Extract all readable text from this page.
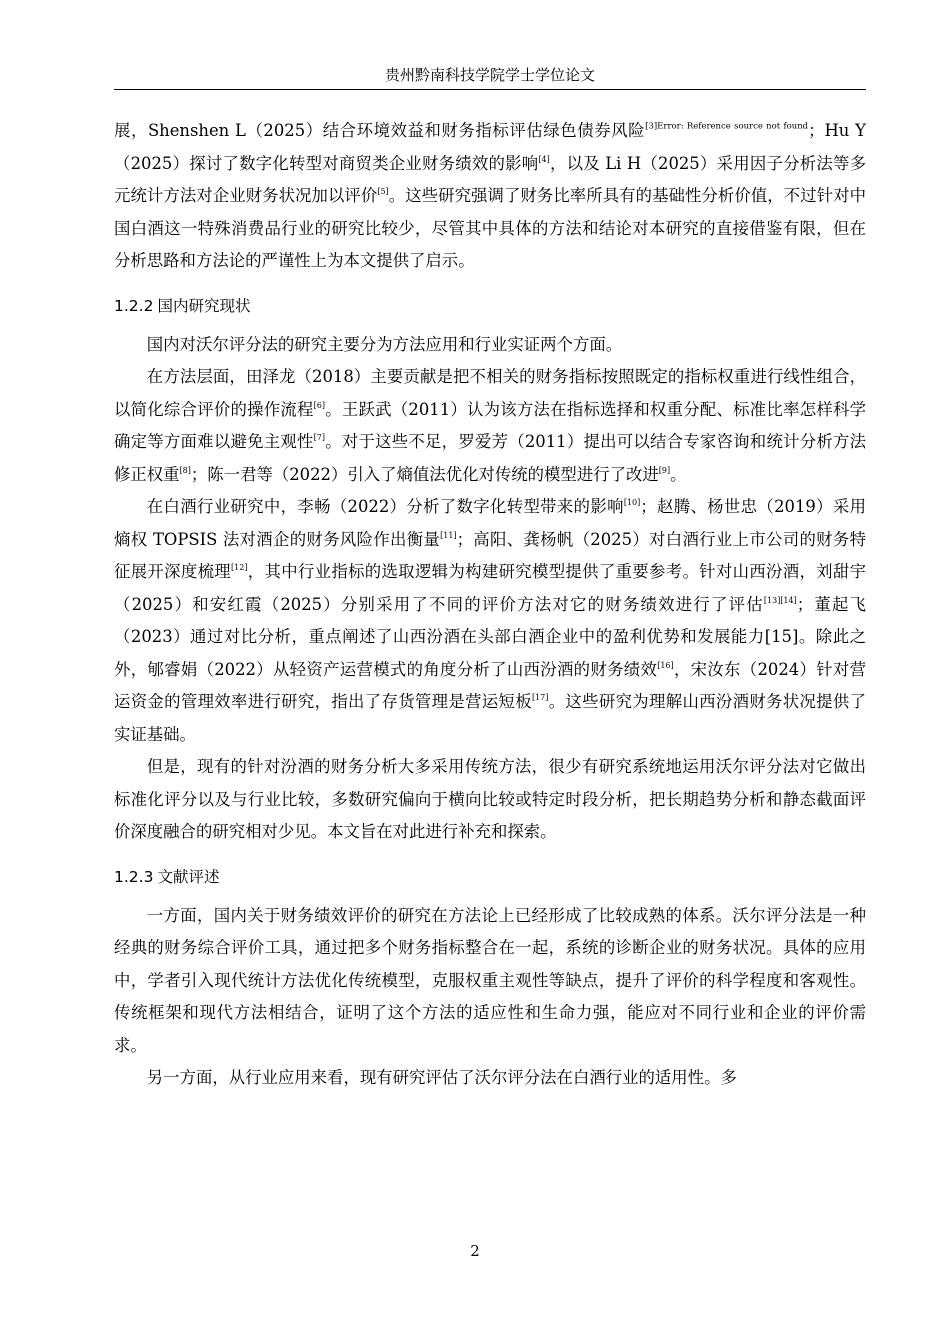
贵州黔南科技学院学士学位论文

展，Shenshen L（2025）结合环境效益和财务指标评估绿色债券风险$^{[3]Error: Reference source not found}$；Hu Y（2025）探讨了数字化转型对商贸类企业财务绩效的影响[4]，以及 Li H（2025）采用因子分析法等多元统计方法对企业财务状况加以评价[5]。这些研究强调了财务比率所具有的基础性分析价值，不过针对中国白酒这一特殊消费品行业的研究比较少，尽管其中具体的方法和结论对本研究的直接借鉴有限，但在分析思路和方法论的严谨性上为本文提供了启示。

1.2.2 国内研究现状

国内对沃尔评分法的研究主要分为方法应用和行业实证两个方面。

在方法层面，田泽龙（2018）主要贡献是把不相关的财务指标按照既定的指标权重进行线性组合，以简化综合评价的操作流程[6]。王跃武（2011）认为该方法在指标选择和权重分配、标准比率怎样科学确定等方面难以避免主观性[7]。对于这些不足，罗爱芳（2011）提出可以结合专家咨询和统计分析方法修正权重[8]；陈一君等（2022）引入了熵值法优化对传统的模型进行了改进[9]。

在白酒行业研究中，李畅（2022）分析了数字化转型带来的影响[10]；赵腾、杨世忠（2019）采用熵权 TOPSIS 法对酒企的财务风险作出衡量[11]；高阳、龚杨帆（2025）对白酒行业上市公司的财务特征展开深度梳理[12]，其中行业指标的选取逻辑为构建研究模型提供了重要参考。针对山西汾酒，刘甜宇（2025）和安红霞（2025）分别采用了不同的评价方法对它的财务绩效进行了评估[13][14]；董起飞（2023）通过对比分析，重点阐述了山西汾酒在头部白酒企业中的盈利优势和发展能力[15]。除此之外，郇睿娟（2022）从轻资产运营模式的角度分析了山西汾酒的财务绩效[16]，宋汝东（2024）针对营运资金的管理效率进行研究，指出了存货管理是营运短板[17]。这些研究为理解山西汾酒财务状况提供了实证基础。

但是，现有的针对汾酒的财务分析大多采用传统方法，很少有研究系统地运用沃尔评分法对它做出标准化评分以及与行业比较，多数研究偏向于横向比较或特定时段分析，把长期趋势分析和静态截面评价深度融合的研究相对少见。本文旨在对此进行补充和探索。

1.2.3 文献评述

一方面，国内关于财务绩效评价的研究在方法论上已经形成了比较成熟的体系。沃尔评分法是一种经典的财务综合评价工具，通过把多个财务指标整合在一起，系统的诊断企业的财务状况。具体的应用中，学者引入现代统计方法优化传统模型，克服权重主观性等缺点，提升了评价的科学程度和客观性。传统框架和现代方法相结合，证明了这个方法的适应性和生命力强，能应对不同行业和企业的评价需求。

另一方面，从行业应用来看，现有研究评估了沃尔评分法在白酒行业的适用性。多

2
